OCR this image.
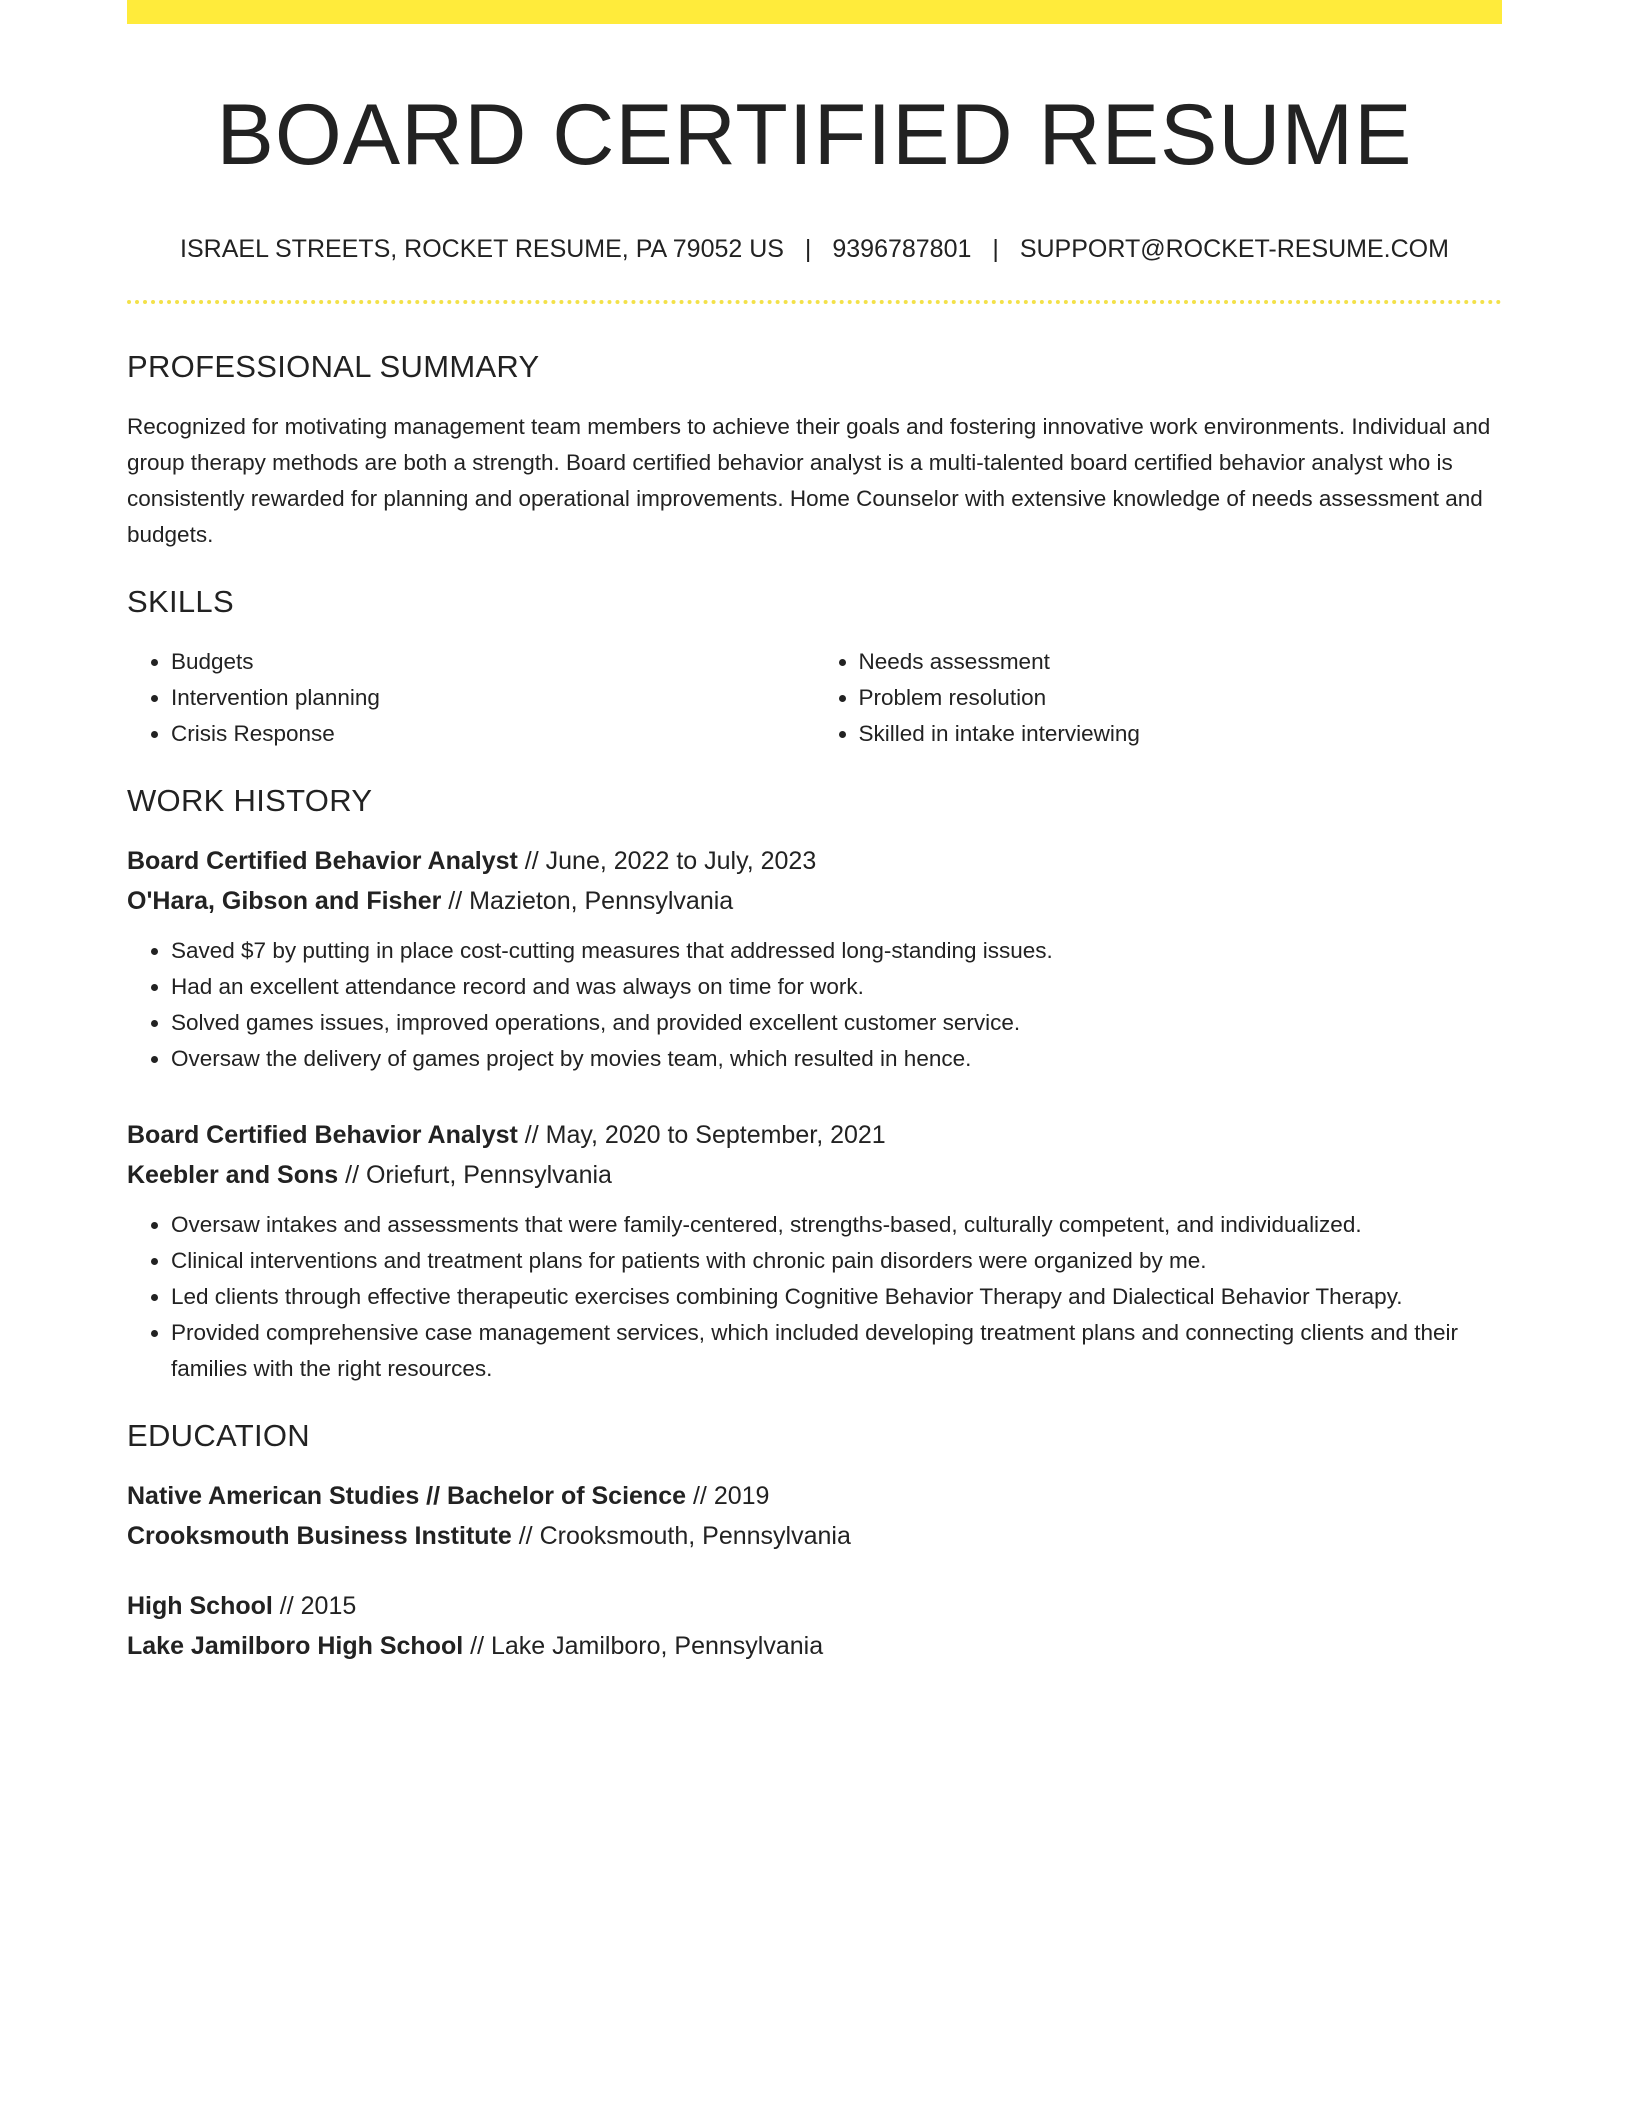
BOARD CERTIFIED RESUME
ISRAEL STREETS, ROCKET RESUME, PA 79052 US | 9396787801 | SUPPORT@ROCKET-RESUME.COM
PROFESSIONAL SUMMARY

Recognized for motivating management team members to achieve their goals and fostering innovative work environments. Individual and group therapy methods are both a strength. Board certified behavior analyst is a multi-talented board certified behavior analyst who is consistently rewarded for planning and operational improvements. Home Counselor with extensive knowledge of needs assessment and budgets.

SKILLS
• Budgets
• Intervention planning
• Crisis Response
• Needs assessment
• Problem resolution
• Skilled in intake interviewing
WORK HISTORY
Board Certified Behavior Analyst // June, 2022 to July, 2023
O'Hara, Gibson and Fisher // Mazieton, Pennsylvania
• Saved $7 by putting in place cost-cutting measures that addressed long-standing issues.
• Had an excellent attendance record and was always on time for work.
• Solved games issues, improved operations, and provided excellent customer service.
• Oversaw the delivery of games project by movies team, which resulted in hence.
Board Certified Behavior Analyst // May, 2020 to September, 2021
Keebler and Sons // Oriefurt, Pennsylvania
• Oversaw intakes and assessments that were family-centered, strengths-based, culturally competent, and individualized.
• Clinical interventions and treatment plans for patients with chronic pain disorders were organized by me.
• Led clients through effective therapeutic exercises combining Cognitive Behavior Therapy and Dialectical Behavior Therapy.
• Provided comprehensive case management services, which included developing treatment plans and connecting clients and their families with the right resources.
EDUCATION
Native American Studies // Bachelor of Science // 2019
Crooksmouth Business Institute // Crooksmouth, Pennsylvania
High School // 2015
Lake Jamilboro High School // Lake Jamilboro, Pennsylvania
